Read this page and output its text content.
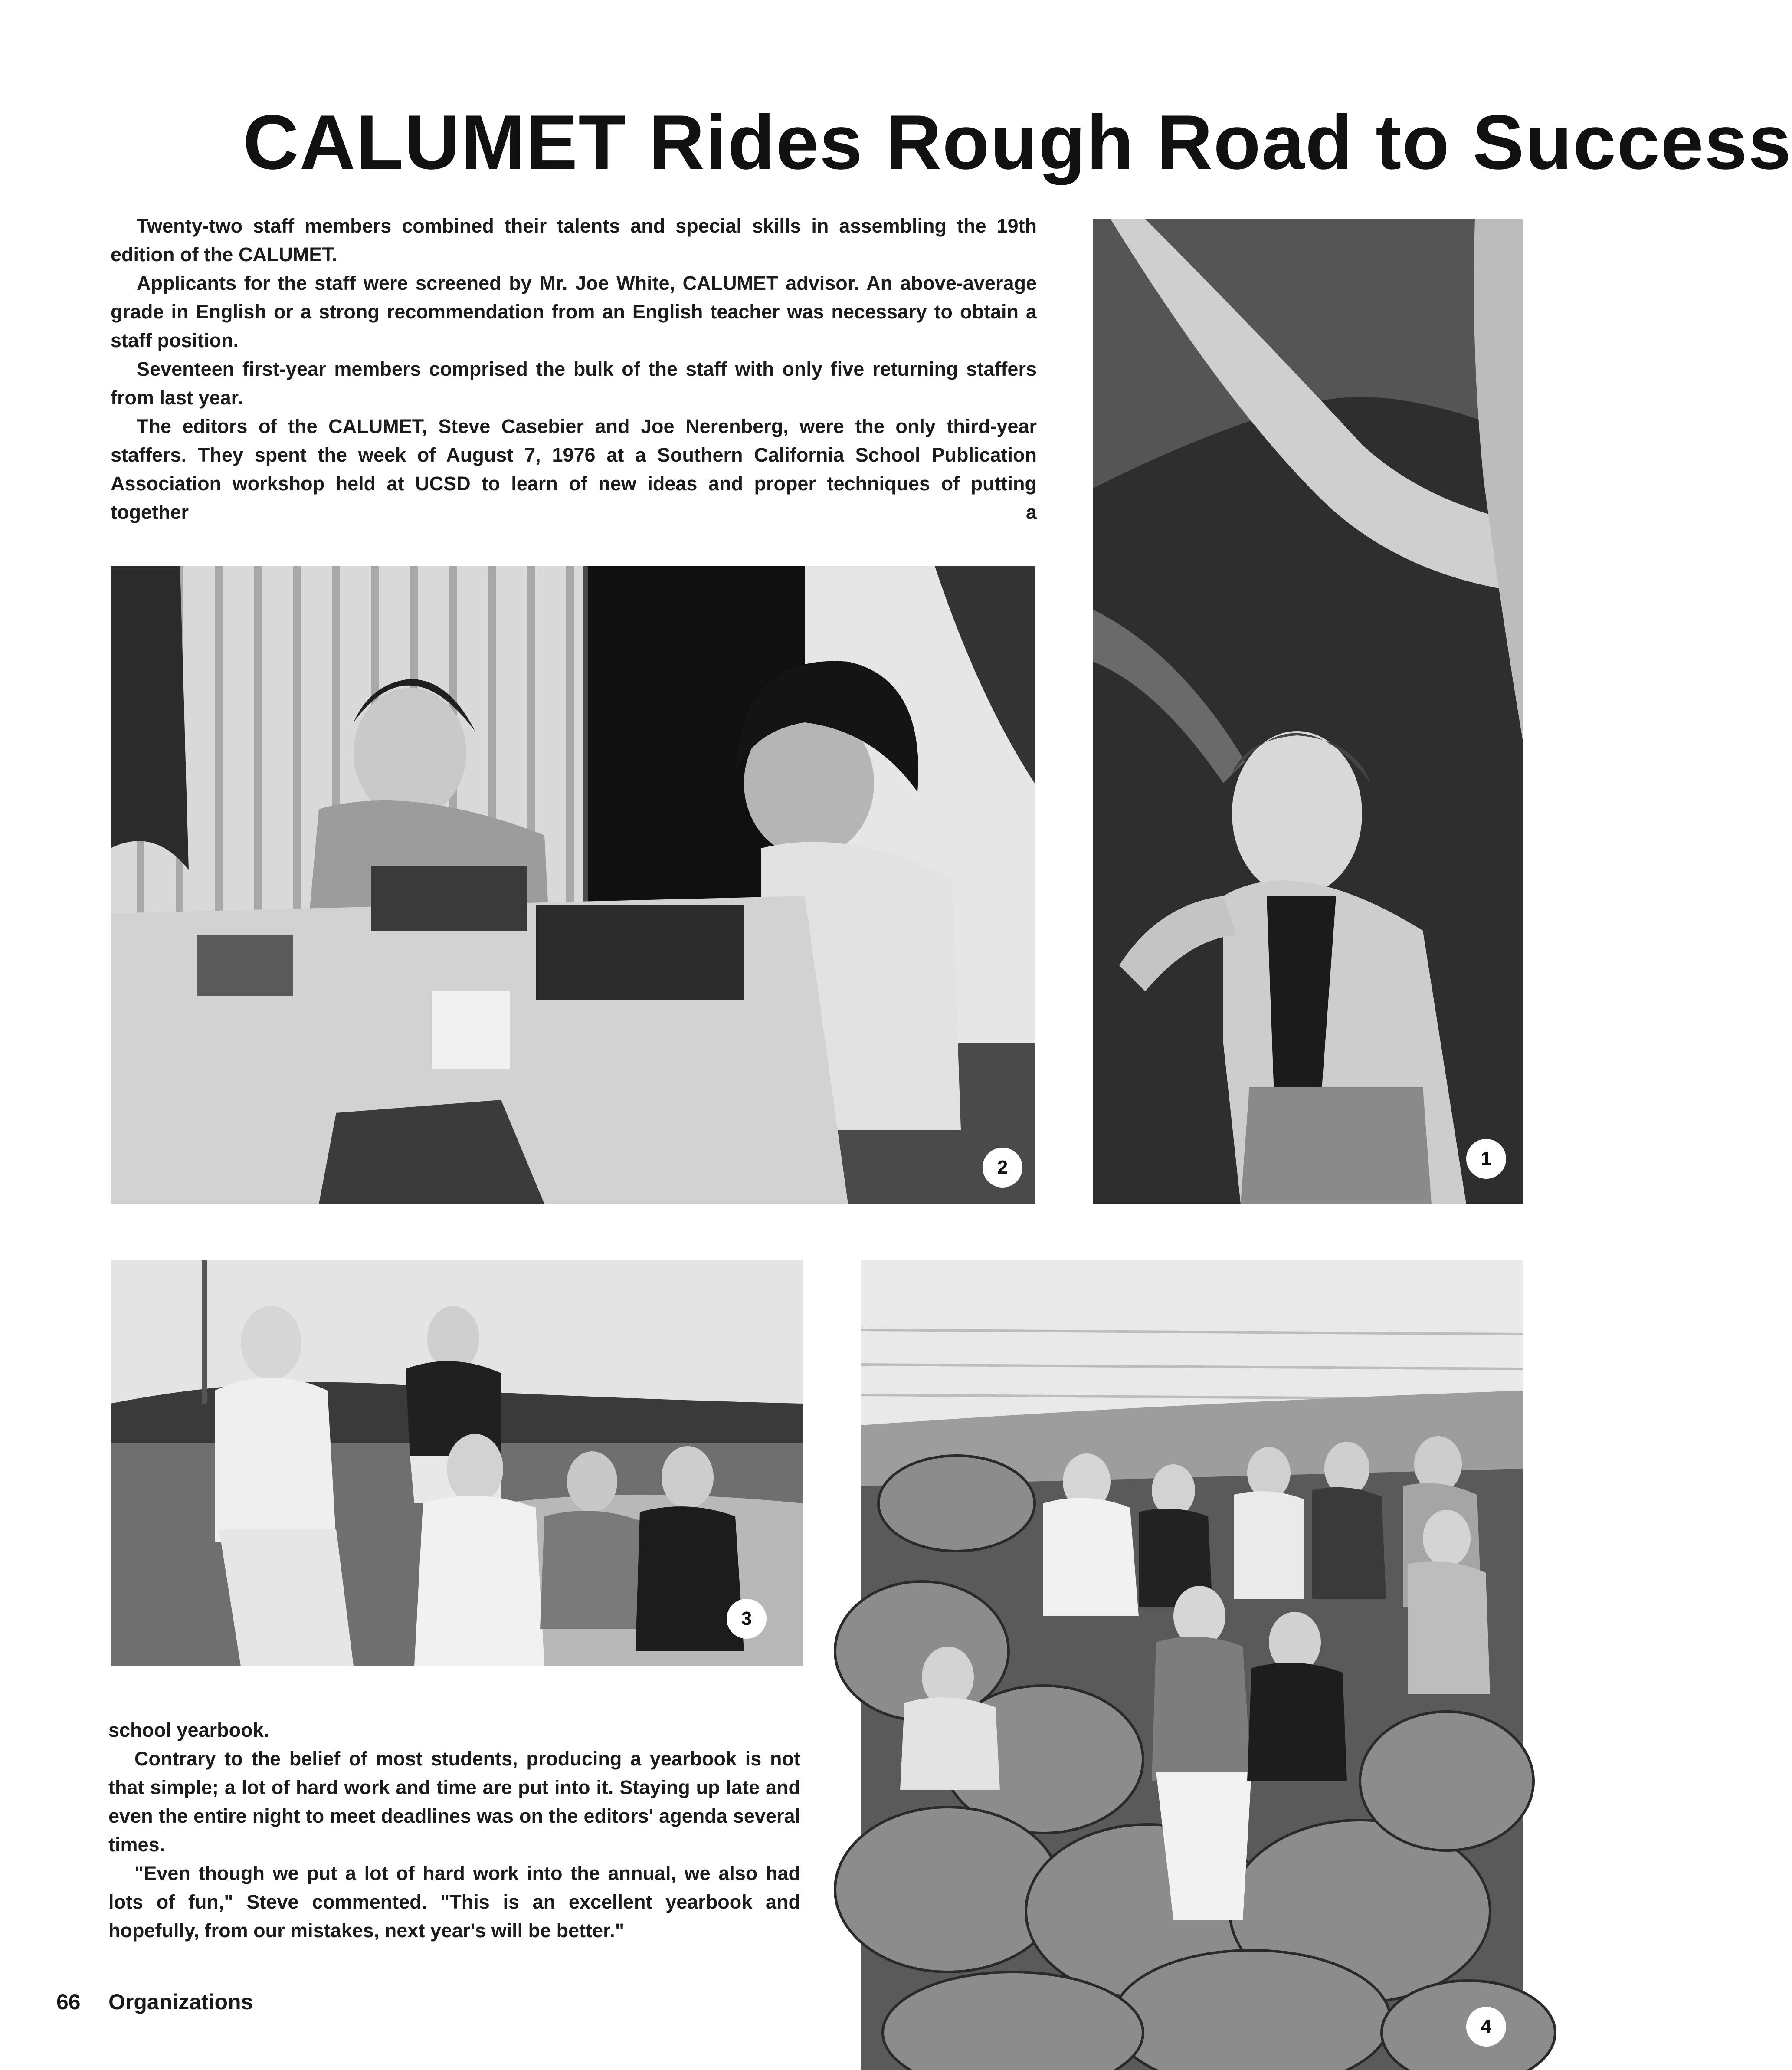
CALUMET Rides Rough Road to Success

Twenty-two staff members combined their talents and special skills in assembling the 19th edition of the CALUMET.

Applicants for the staff were screened by Mr. Joe White, CALUMET advisor. An above-average grade in English or a strong recommendation from an English teacher was necessary to obtain a staff position.

Seventeen first-year members comprised the bulk of the staff with only five returning staffers from last year.

The editors of the CALUMET, Steve Casebier and Joe Nerenberg, were the only third-year staffers. They spent the week of August 7, 1976 at a Southern California School Publication Association workshop held at UCSD to learn of new ideas and proper techniques of putting together a

1
2
3
4

school yearbook.

Contrary to the belief of most students, producing a yearbook is not that simple; a lot of hard work and time are put into it. Staying up late and even the entire night to meet deadlines was on the editors' agenda several times.

"Even though we put a lot of hard work into the annual, we also had lots of fun," Steve commented. "This is an excellent yearbook and hopefully, from our mistakes, next year's will be better."

66 Organizations
